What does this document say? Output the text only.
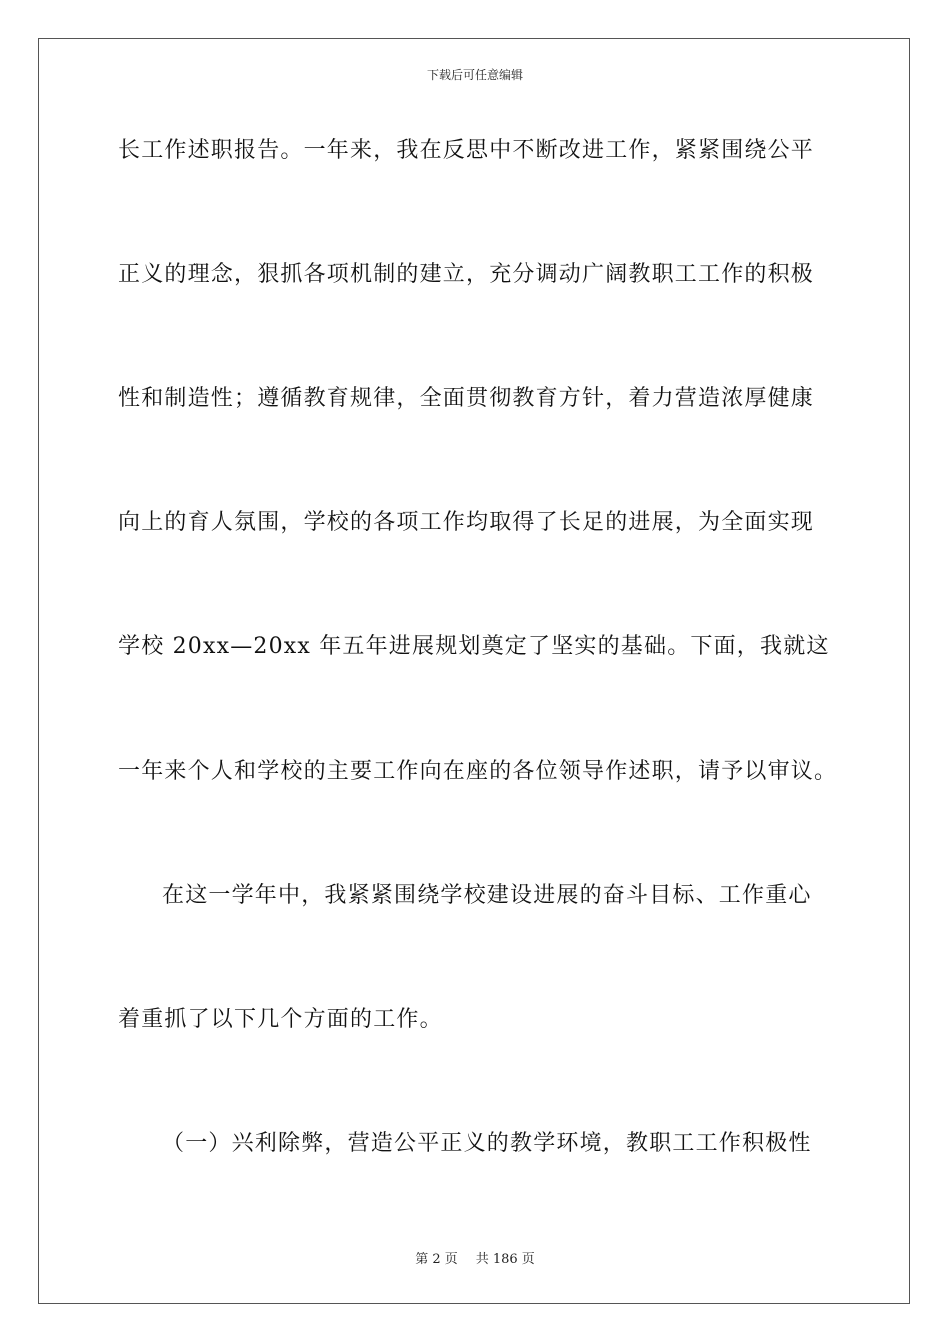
下载后可任意编辑
长工作述职报告。一年来，我在反思中不断改进工作，紧紧围绕公平
正义的理念，狠抓各项机制的建立，充分调动广阔教职工工作的积极
性和制造性；遵循教育规律，全面贯彻教育方针，着力营造浓厚健康
向上的育人氛围，学校的各项工作均取得了长足的进展，为全面实现
学校 20xx—20xx 年五年进展规划奠定了坚实的基础。下面，我就这
一年来个人和学校的主要工作向在座的各位领导作述职，请予以审议。
在这一学年中，我紧紧围绕学校建设进展的奋斗目标、工作重心
着重抓了以下几个方面的工作。
（一）兴利除弊，营造公平正义的教学环境，教职工工作积极性
第 2 页 共 186 页
